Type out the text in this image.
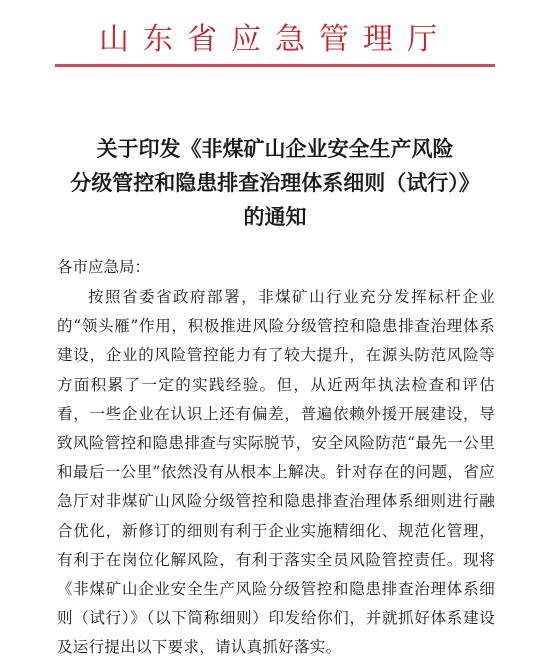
山东省应急管理厅
关于印发《非煤矿山企业安全生产风险
分级管控和隐患排查治理体系细则（试行）》
的通知
各市应急局：
按照省委省政府部署，非煤矿山行业充分发挥标杆企业的“领头雁”作用，积极推进风险分级管控和隐患排查治理体系建设，企业的风险管控能力有了较大提升，在源头防范风险等方面积累了一定的实践经验。但，从近两年执法检查和评估看，一些企业在认识上还有偏差，普遍依赖外援开展建设，导致风险管控和隐患排查与实际脱节，安全风险防范“最先一公里和最后一公里”依然没有从根本上解决。针对存在的问题，省应急厅对非煤矿山风险分级管控和隐患排查治理体系细则进行融合优化，新修订的细则有利于企业实施精细化、规范化管理，有利于在岗位化解风险，有利于落实全员风险管控责任。现将《非煤矿山企业安全生产风险分级管控和隐患排查治理体系细则（试行）》（以下简称细则）印发给你们，并就抓好体系建设及运行提出以下要求，请认真抓好落实。
